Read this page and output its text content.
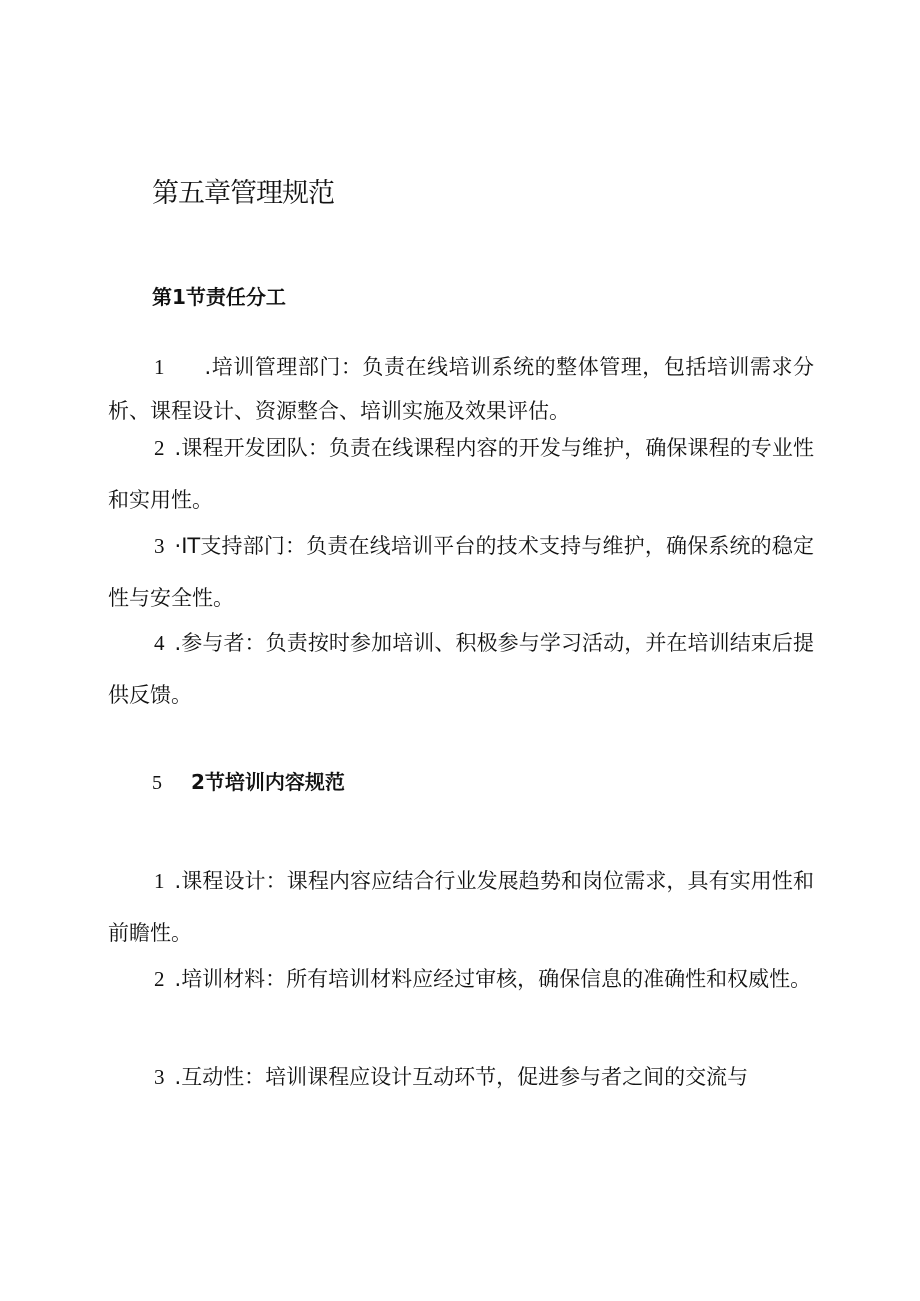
第五章管理规范
第1节责任分工

1 .培训管理部门：负责在线培训系统的整体管理，包括培训需求分析、课程设计、资源整合、培训实施及效果评估。

2 .课程开发团队：负责在线课程内容的开发与维护，确保课程的专业性和实用性。

3 ·IT支持部门：负责在线培训平台的技术支持与维护，确保系统的稳定性与安全性。

4 .参与者：负责按时参加培训、积极参与学习活动，并在培训结束后提供反馈。

5 2节培训内容规范

1 .课程设计：课程内容应结合行业发展趋势和岗位需求，具有实用性和前瞻性。

2 .培训材料：所有培训材料应经过审核，确保信息的准确性和权威性。

3 .互动性：培训课程应设计互动环节，促进参与者之间的交流与
